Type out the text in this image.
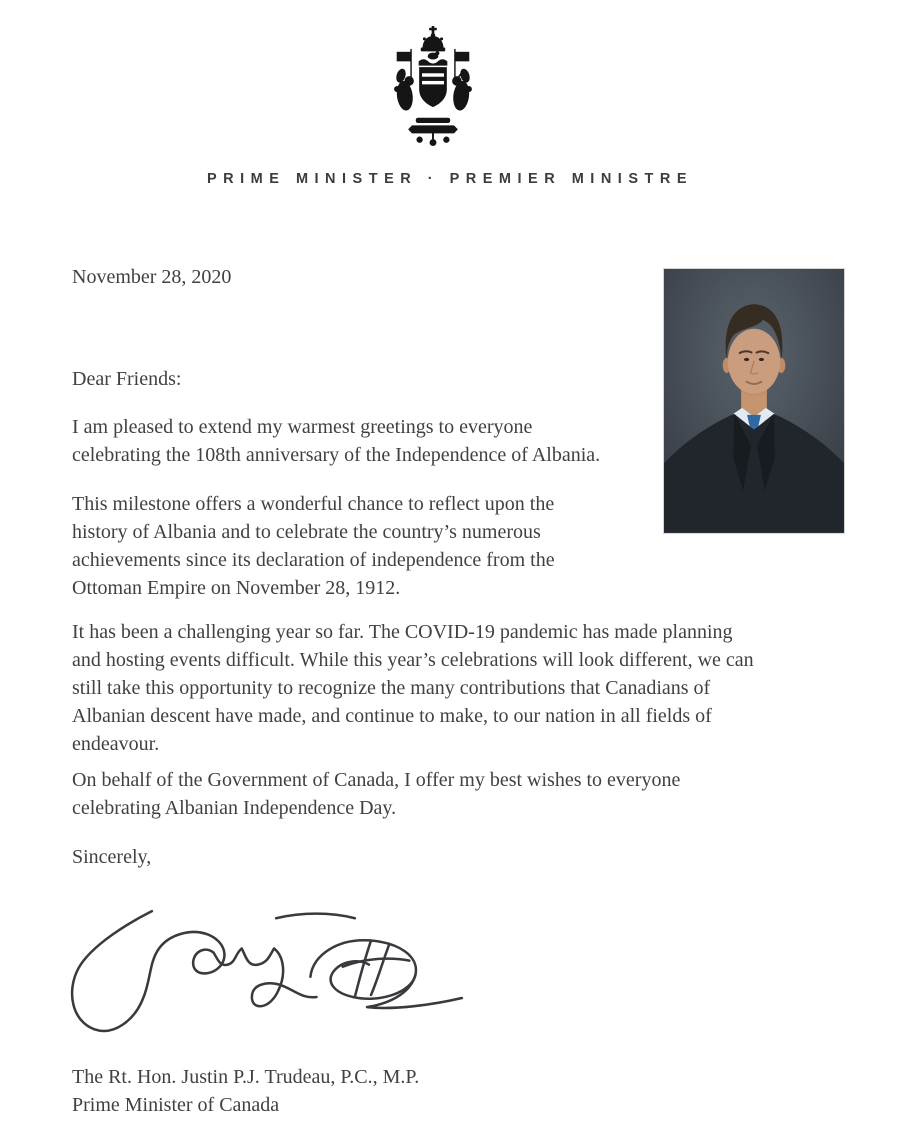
PRIME MINISTER · PREMIER MINISTRE
November 28, 2020
Dear Friends:
I am pleased to extend my warmest greetings to everyone
celebrating the 108th anniversary of the Independence of Albania.
This milestone offers a wonderful chance to reflect upon the
history of Albania and to celebrate the country’s numerous
achievements since its declaration of independence from the
Ottoman Empire on November 28, 1912.
It has been a challenging year so far. The COVID-19 pandemic has made planning
and hosting events difficult. While this year’s celebrations will look different, we can
still take this opportunity to recognize the many contributions that Canadians of
Albanian descent have made, and continue to make, to our nation in all fields of
endeavour.
On behalf of the Government of Canada, I offer my best wishes to everyone
celebrating Albanian Independence Day.
Sincerely,
The Rt. Hon. Justin P.J. Trudeau, P.C., M.P.
Prime Minister of Canada
